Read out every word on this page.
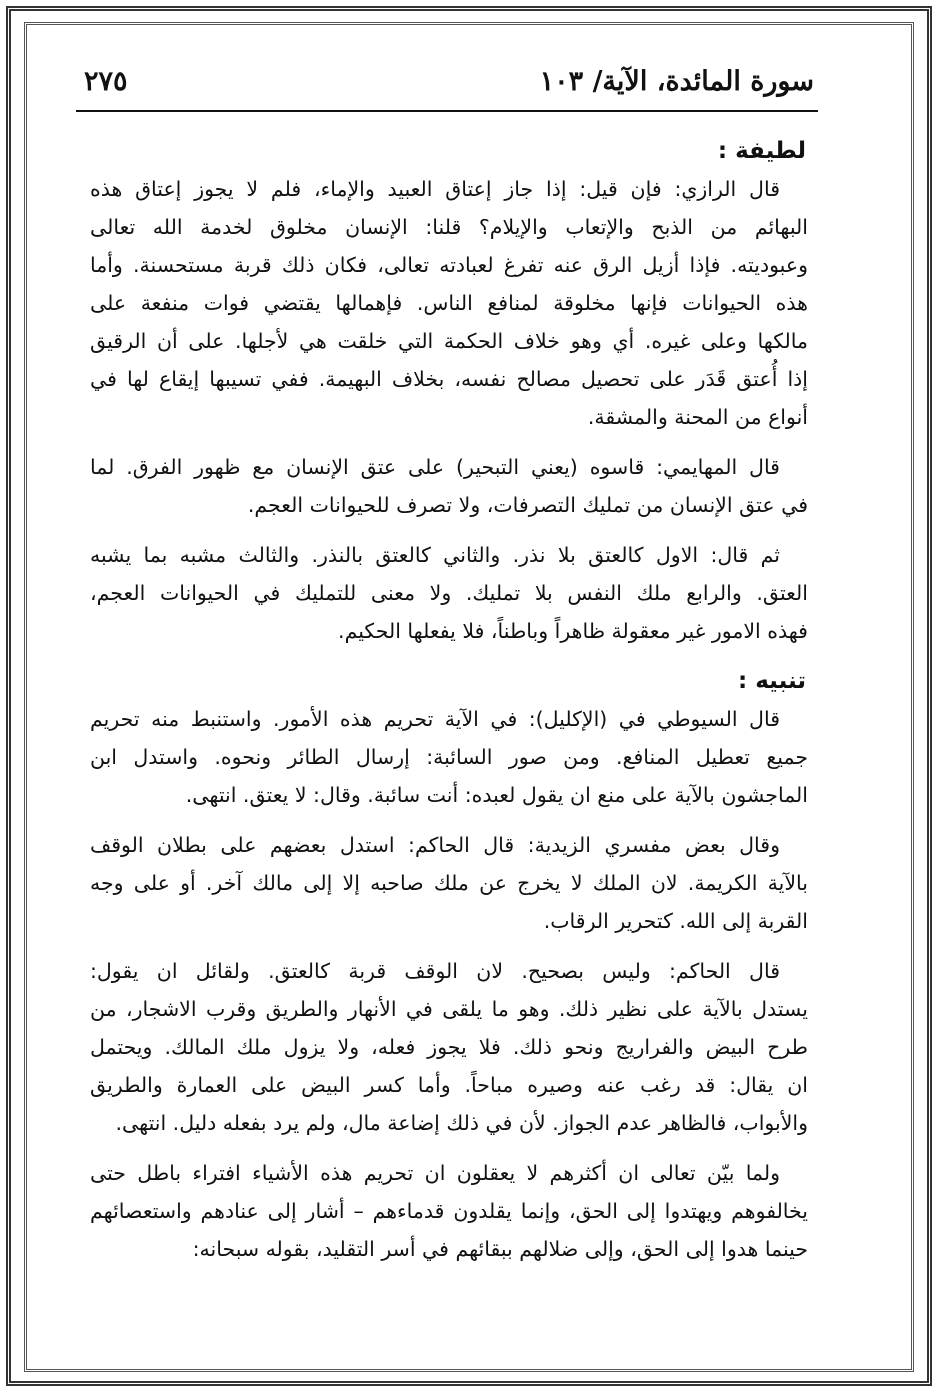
سورة المائدة، الآية/ ١٠٣
٢٧٥
لطيفة :
قال الرازي: فإن قيل: إذا جاز إعتاق العبيد والإماء، فلم لا يجوز إعتاق هذه
البهائم من الذبح والإتعاب والإيلام؟ قلنا: الإنسان مخلوق لخدمة الله تعالى
وعبوديته. فإذا أزيل الرق عنه تفرغ لعبادته تعالى، فكان ذلك قربة مستحسنة. وأما
هذه الحيوانات فإنها مخلوقة لمنافع الناس. فإهمالها يقتضي فوات منفعة على
مالكها وعلى غيره. أي وهو خلاف الحكمة التي خلقت هي لأجلها. على أن الرقيق
إذا أُعتق قَدَر على تحصيل مصالح نفسه، بخلاف البهيمة. ففي تسيبها إيقاع لها في
أنواع من المحنة والمشقة.
قال المهايمي: قاسوه (يعني التبحير) على عتق الإنسان مع ظهور الفرق. لما
في عتق الإنسان من تمليك التصرفات، ولا تصرف للحيوانات العجم.
ثم قال: الاول كالعتق بلا نذر. والثاني كالعتق بالنذر. والثالث مشبه بما يشبه
العتق. والرابع ملك النفس بلا تمليك. ولا معنى للتمليك في الحيوانات العجم،
فهذه الامور غير معقولة ظاهراً وباطناً، فلا يفعلها الحكيم.
تنبيه :
قال السيوطي في (الإكليل): في الآية تحريم هذه الأمور. واستنبط منه تحريم
جميع تعطيل المنافع. ومن صور السائبة: إرسال الطائر ونحوه. واستدل ابن
الماجشون بالآية على منع ان يقول لعبده: أنت سائبة. وقال: لا يعتق. انتهى.
وقال بعض مفسري الزيدية: قال الحاكم: استدل بعضهم على بطلان الوقف
بالآية الكريمة. لان الملك لا يخرج عن ملك صاحبه إلا إلى مالك آخر. أو على وجه
القربة إلى الله. كتحرير الرقاب.
قال الحاكم: وليس بصحيح. لان الوقف قربة كالعتق. ولقائل ان يقول:
يستدل بالآية على نظير ذلك. وهو ما يلقى في الأنهار والطريق وقرب الاشجار، من
طرح البيض والفراريج ونحو ذلك. فلا يجوز فعله، ولا يزول ملك المالك. ويحتمل
ان يقال: قد رغب عنه وصيره مباحاً. وأما كسر البيض على العمارة والطريق
والأبواب، فالظاهر عدم الجواز. لأن في ذلك إضاعة مال، ولم يرد بفعله دليل. انتهى.
ولما بيّن تعالى ان أكثرهم لا يعقلون ان تحريم هذه الأشياء افتراء باطل حتى
يخالفوهم ويهتدوا إلى الحق، وإنما يقلدون قدماءهم – أشار إلى عنادهم واستعصائهم
حينما هدوا إلى الحق، وإلى ضلالهم ببقائهم في أسر التقليد، بقوله سبحانه:
